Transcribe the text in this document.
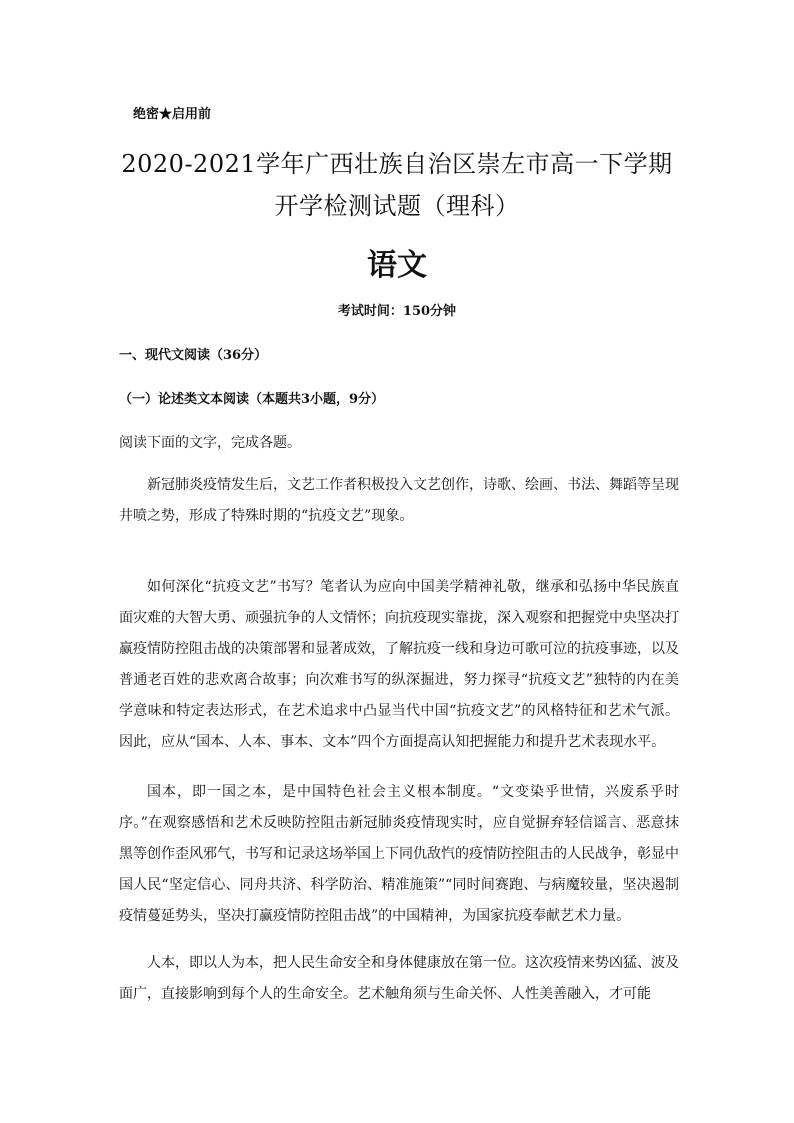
绝密★启用前
2020-2021学年广西壮族自治区崇左市高一下学期
开学检测试题（理科）
语文
考试时间：150分钟
一、现代文阅读（36分）
（一）论述类文本阅读（本题共3小题，9分）
阅读下面的文字，完成各题。

新冠肺炎疫情发生后，文艺工作者积极投入文艺创作，诗歌、绘画、书法、舞蹈等呈现井喷之势，形成了特殊时期的“抗疫文艺”现象。

如何深化“抗疫文艺”书写？笔者认为应向中国美学精神礼敬，继承和弘扬中华民族直面灾难的大智大勇、顽强抗争的人文情怀；向抗疫现实靠拢，深入观察和把握党中央坚决打赢疫情防控阻击战的决策部署和显著成效，了解抗疫一线和身边可歌可泣的抗疫事迹，以及普通老百姓的悲欢离合故事；向次难书写的纵深掘进，努力探寻“抗疫文艺”独特的内在美学意味和特定表达形式，在艺术追求中凸显当代中国“抗疫文艺”的风格特征和艺术气派。因此，应从“国本、人本、事本、文本”四个方面提高认知把握能力和提升艺术表现水平。

国本，即一国之本，是中国特色社会主义根本制度。“文变染乎世情，兴废系乎时序。”在观察感悟和艺术反映防控阻击新冠肺炎疫情现实时，应自觉摒弃轻信谣言、恶意抹黑等创作歪风邪气，书写和记录这场举国上下同仇敌忾的疫情防控阻击的人民战争，彰显中国人民“坚定信心、同舟共济、科学防治、精准施策”“同时间赛跑、与病魔较量，坚决遏制疫情蔓延势头，坚决打赢疫情防控阻击战”的中国精神，为国家抗疫奉献艺术力量。

人本，即以人为本，把人民生命安全和身体健康放在第一位。这次疫情来势凶猛、波及面广，直接影响到每个人的生命安全。艺术触角须与生命关怀、人性美善融入，才可能
